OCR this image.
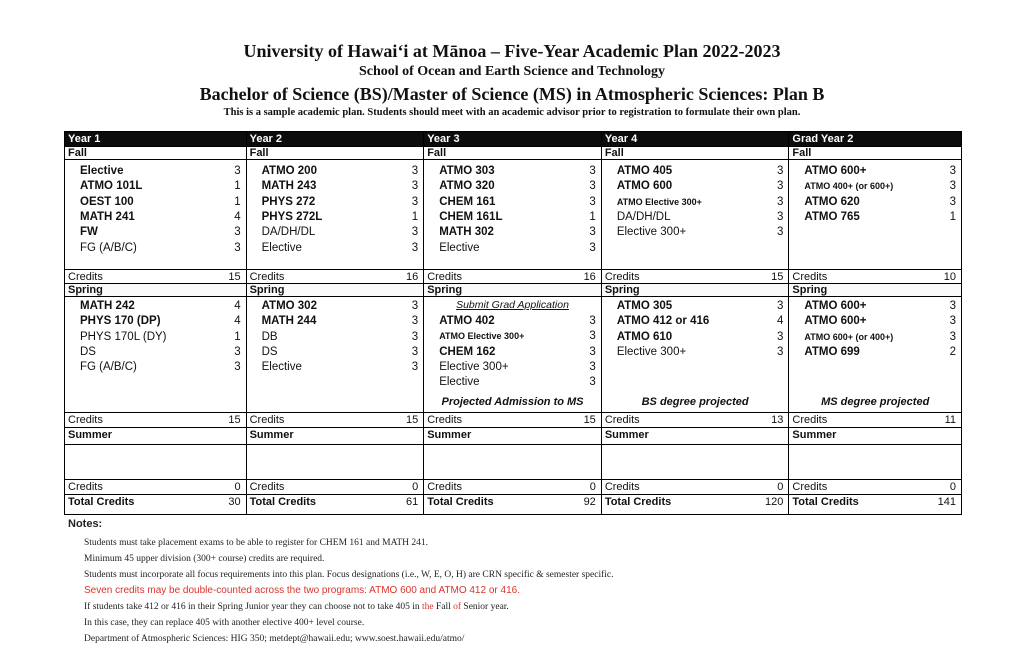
University of Hawaiʻi at Mānoa – Five-Year Academic Plan 2022-2023
School of Ocean and Earth Science and Technology
Bachelor of Science (BS)/Master of Science (MS) in Atmospheric Sciences: Plan B
This is a sample academic plan. Students should meet with an academic advisor prior to registration to formulate their own plan.
Year 1
Fall
Elective	3
ATMO 101L	1
OEST 100	1
MATH 241	4
FW	3
FG (A/B/C)	3
Credits	15
Spring
MATH 242	4
PHYS 170 (DP)	4
PHYS 170L (DY)	1
DS	3
FG (A/B/C)	3
Credits	15
Summer
Credits	0
Total Credits	30
Year 2
Fall
ATMO 200	3
MATH 243	3
PHYS 272	3
PHYS 272L	1
DA/DH/DL	3
Elective	3
Credits	16
Spring
ATMO 302	3
MATH 244	3
DB	3
DS	3
Elective	3
Credits	15
Summer
Credits	0
Total Credits	61
Year 3
Fall
ATMO 303	3
ATMO 320	3
CHEM 161	3
CHEM 161L	1
MATH 302	3
Elective	3
Credits	16
Spring
Submit Grad Application
ATMO 402	3
ATMO Elective 300+	3
CHEM 162	3
Elective 300+	3
Elective	3
Projected Admission to MS
Credits	15
Summer
Credits	0
Total Credits	92
Year 4
Fall
ATMO 405	3
ATMO 600	3
ATMO Elective 300+	3
DA/DH/DL	3
Elective 300+	3
Credits	15
Spring
ATMO 305	3
ATMO 412 or 416	4
ATMO 610	3
Elective 300+	3
BS degree projected
Credits	13
Summer
Credits	0
Total Credits	120
Grad Year 2
Fall
ATMO 600+	3
ATMO 400+ (or 600+)	3
ATMO 620	3
ATMO 765	1
Credits	10
Spring
ATMO 600+	3
ATMO 600+	3
ATMO 600+ (or 400+)	3
ATMO 699	2
MS degree projected
Credits	11
Summer
Credits	0
Total Credits	141
Notes:
Students must take placement exams to be able to register for CHEM 161 and MATH 241.
Minimum 45 upper division (300+ course) credits are required.
Students must incorporate all focus requirements into this plan. Focus designations (i.e., W, E, O, H) are CRN specific & semester specific.
Seven credits may be double-counted across the two programs: ATMO 600 and ATMO 412 or 416.
If students take 412 or 416 in their Spring Junior year they can choose not to take 405 in the Fall of Senior year.
In this case, they can replace 405 with another elective 400+ level course.
Department of Atmospheric Sciences: HIG 350; metdept@hawaii.edu; www.soest.hawaii.edu/atmo/
